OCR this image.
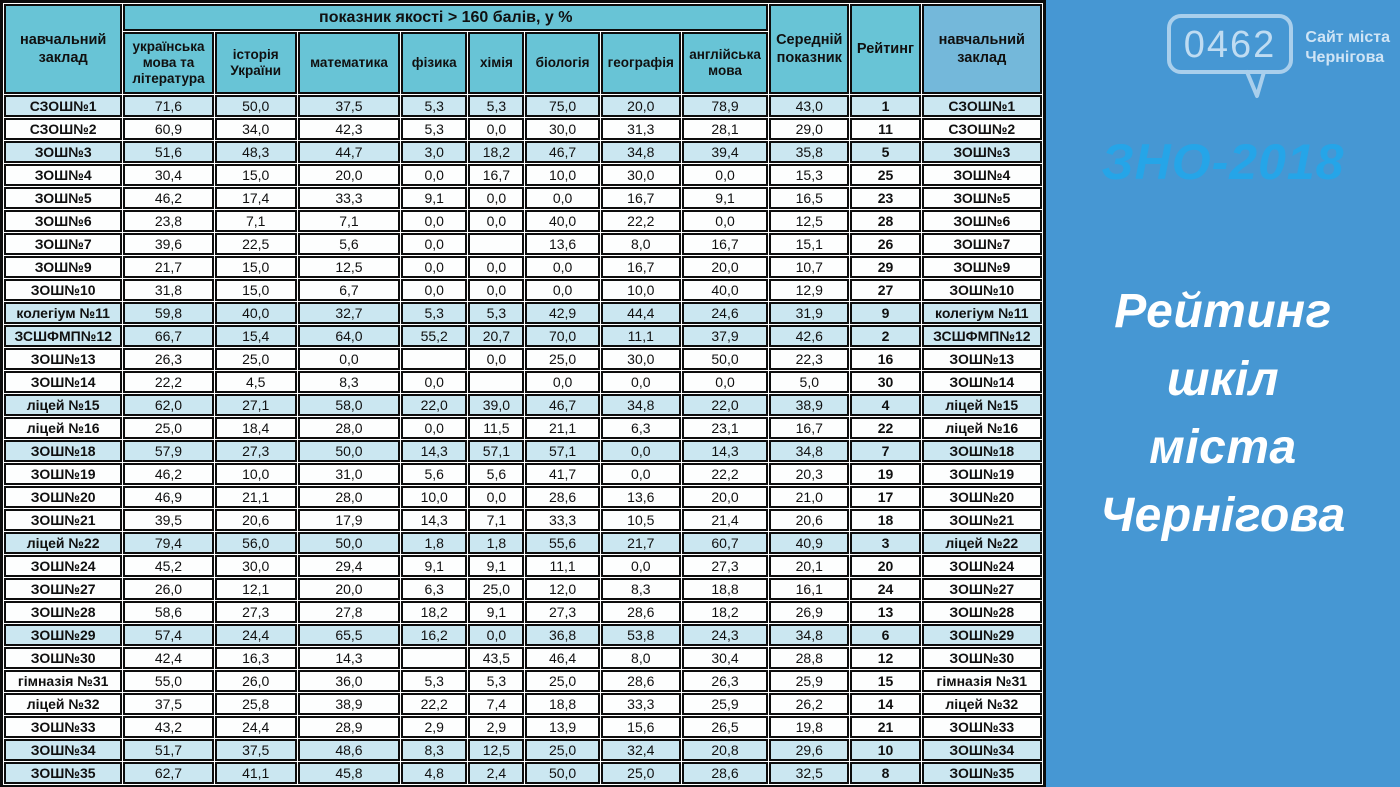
навчальний заклад	показник якості > 160 балів, у %								Середній показник	Рейтинг	навчальний заклад
	українська мова та література	історія України	математика	фізика	хімія	біологія	географія	англійська мова			
СЗОШ№1	71,6	50,0	37,5	5,3	5,3	75,0	20,0	78,9	43,0	1	СЗОШ№1
СЗОШ№2	60,9	34,0	42,3	5,3	0,0	30,0	31,3	28,1	29,0	11	СЗОШ№2
ЗОШ№3	51,6	48,3	44,7	3,0	18,2	46,7	34,8	39,4	35,8	5	ЗОШ№3
ЗОШ№4	30,4	15,0	20,0	0,0	16,7	10,0	30,0	0,0	15,3	25	ЗОШ№4
ЗОШ№5	46,2	17,4	33,3	9,1	0,0	0,0	16,7	9,1	16,5	23	ЗОШ№5
ЗОШ№6	23,8	7,1	7,1	0,0	0,0	40,0	22,2	0,0	12,5	28	ЗОШ№6
ЗОШ№7	39,6	22,5	5,6	0,0		13,6	8,0	16,7	15,1	26	ЗОШ№7
ЗОШ№9	21,7	15,0	12,5	0,0	0,0	0,0	16,7	20,0	10,7	29	ЗОШ№9
ЗОШ№10	31,8	15,0	6,7	0,0	0,0	0,0	10,0	40,0	12,9	27	ЗОШ№10
колегіум №11	59,8	40,0	32,7	5,3	5,3	42,9	44,4	24,6	31,9	9	колегіум №11
ЗСШФМП№12	66,7	15,4	64,0	55,2	20,7	70,0	11,1	37,9	42,6	2	ЗСШФМП№12
ЗОШ№13	26,3	25,0	0,0		0,0	25,0	30,0	50,0	22,3	16	ЗОШ№13
ЗОШ№14	22,2	4,5	8,3	0,0		0,0	0,0	0,0	5,0	30	ЗОШ№14
ліцей №15	62,0	27,1	58,0	22,0	39,0	46,7	34,8	22,0	38,9	4	ліцей №15
ліцей №16	25,0	18,4	28,0	0,0	11,5	21,1	6,3	23,1	16,7	22	ліцей №16
ЗОШ№18	57,9	27,3	50,0	14,3	57,1	57,1	0,0	14,3	34,8	7	ЗОШ№18
ЗОШ№19	46,2	10,0	31,0	5,6	5,6	41,7	0,0	22,2	20,3	19	ЗОШ№19
ЗОШ№20	46,9	21,1	28,0	10,0	0,0	28,6	13,6	20,0	21,0	17	ЗОШ№20
ЗОШ№21	39,5	20,6	17,9	14,3	7,1	33,3	10,5	21,4	20,6	18	ЗОШ№21
ліцей №22	79,4	56,0	50,0	1,8	1,8	55,6	21,7	60,7	40,9	3	ліцей №22
ЗОШ№24	45,2	30,0	29,4	9,1	9,1	11,1	0,0	27,3	20,1	20	ЗОШ№24
ЗОШ№27	26,0	12,1	20,0	6,3	25,0	12,0	8,3	18,8	16,1	24	ЗОШ№27
ЗОШ№28	58,6	27,3	27,8	18,2	9,1	27,3	28,6	18,2	26,9	13	ЗОШ№28
ЗОШ№29	57,4	24,4	65,5	16,2	0,0	36,8	53,8	24,3	34,8	6	ЗОШ№29
ЗОШ№30	42,4	16,3	14,3		43,5	46,4	8,0	30,4	28,8	12	ЗОШ№30
гімназія №31	55,0	26,0	36,0	5,3	5,3	25,0	28,6	26,3	25,9	15	гімназія №31
ліцей №32	37,5	25,8	38,9	22,2	7,4	18,8	33,3	25,9	26,2	14	ліцей №32
ЗОШ№33	43,2	24,4	28,9	2,9	2,9	13,9	15,6	26,5	19,8	21	ЗОШ№33
ЗОШ№34	51,7	37,5	48,6	8,3	12,5	25,0	32,4	20,8	29,6	10	ЗОШ№34
ЗОШ№35	62,7	41,1	45,8	4,8	2,4	50,0	25,0	28,6	32,5	8	ЗОШ№35
0462 Сайт міста
Чернігова
ЗНО-2018
Рейтинг
шкіл
міста
Чернігова
